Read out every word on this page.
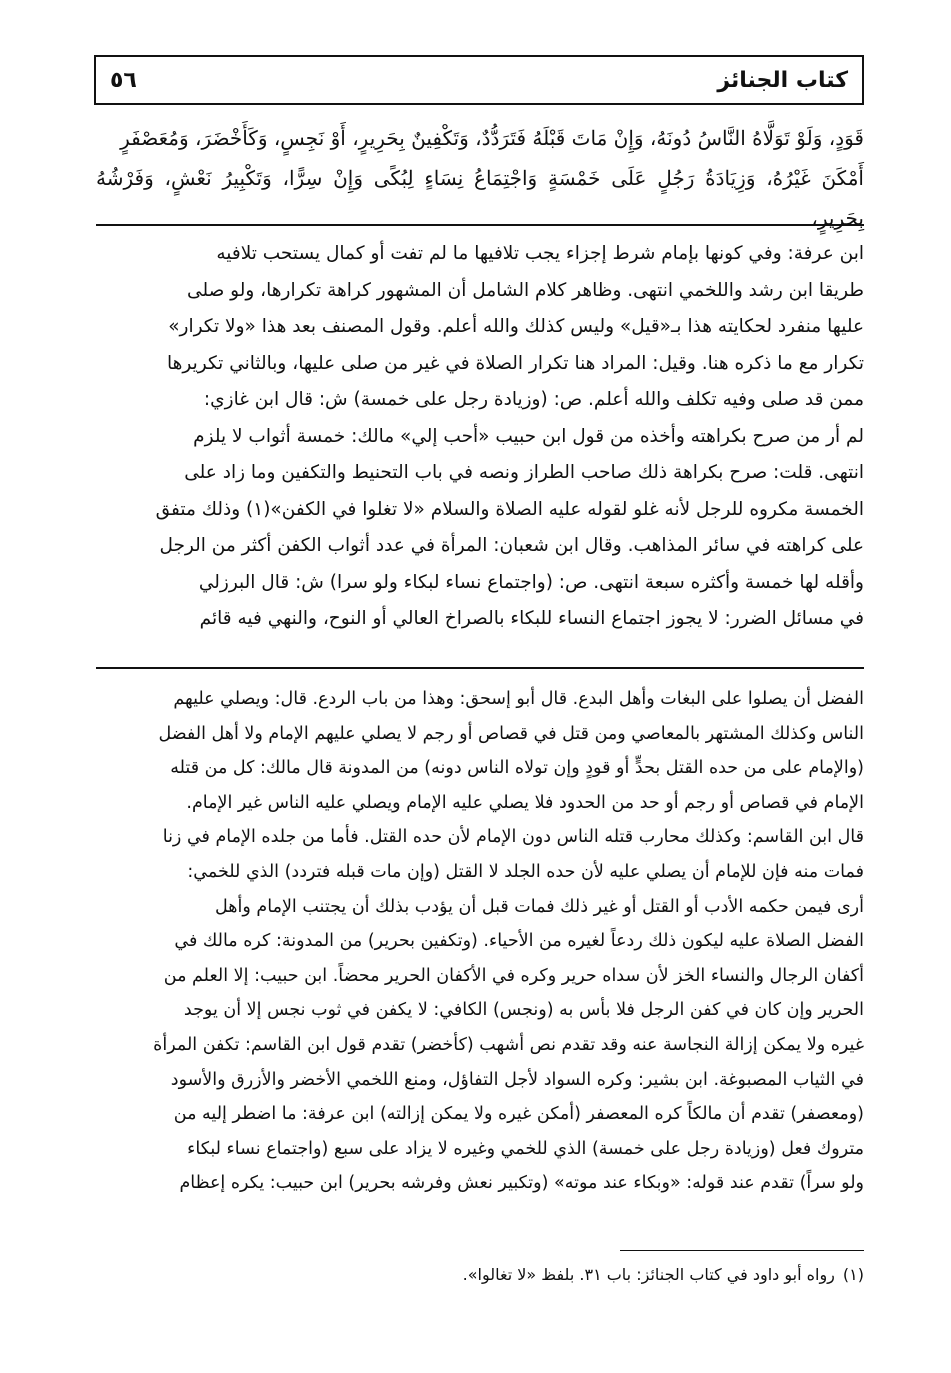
٥٦	كتاب الجنائز

قَوَدٍ، وَلَوْ تَوَلَّاهُ النَّاسُ دُونَهُ، وَإِنْ مَاتَ قَبْلَهُ فَتَرَدُّدٌ، وَتَكْفِينٌ بِحَرِيرٍ، أَوْ نَجِسٍ، وَكَأَخْضَرَ، وَمُعَصْفَرٍ

أَمْكَنَ غَيْرُهُ، وَزِيَادَةُ رَجُلٍ عَلَى خَمْسَةٍ وَاجْتِمَاعُ نِسَاءٍ لِبُكًى وَإِنْ سِرًّا، وَتَكْبِيرُ نَعْشٍ، وَفَرْشُهُ بِحَرِيرٍ،

ابن عرفة: وفي كونها بإمام شرط إجزاء يجب تلافيها ما لم تفت أو كمال يستحب تلافيه

طريقا ابن رشد واللخمي انتهى. وظاهر كلام الشامل أن المشهور كراهة تكرارها، ولو صلى

عليها منفرد لحكايته هذا بـ«قيل» وليس كذلك والله أعلم. وقول المصنف بعد هذا «ولا تكرار»

تكرار مع ما ذكره هنا. وقيل: المراد هنا تكرار الصلاة في غير من صلى عليها، وبالثاني تكريرها

ممن قد صلى وفيه تكلف والله أعلم. ص: (وزيادة رجل على خمسة) ش: قال ابن غازي:

لم أر من صرح بكراهته وأخذه من قول ابن حبيب «أحب إلي» مالك: خمسة أثواب لا يلزم

انتهى. قلت: صرح بكراهة ذلك صاحب الطراز ونصه في باب التحنيط والتكفين وما زاد على

الخمسة مكروه للرجل لأنه غلو لقوله عليه الصلاة والسلام «لا تغلوا في الكفن»(١) وذلك متفق

على كراهته في سائر المذاهب. وقال ابن شعبان: المرأة في عدد أثواب الكفن أكثر من الرجل

وأقله لها خمسة وأكثره سبعة انتهى. ص: (واجتماع نساء لبكاء ولو سرا) ش: قال البرزلي

في مسائل الضرر: لا يجوز اجتماع النساء للبكاء بالصراخ العالي أو النوح، والنهي فيه قائم

الفضل أن يصلوا على البغات وأهل البدع. قال أبو إسحق: وهذا من باب الردع. قال: ويصلي عليهم

الناس وكذلك المشتهر بالمعاصي ومن قتل في قصاص أو رجم لا يصلي عليهم الإمام ولا أهل الفضل

(والإمام على من حده القتل بحدٍّ أو قودٍ وإن تولاه الناس دونه) من المدونة قال مالك: كل من قتله

الإمام في قصاص أو رجم أو حد من الحدود فلا يصلي عليه الإمام ويصلي عليه الناس غير الإمام.

قال ابن القاسم: وكذلك محارب قتله الناس دون الإمام لأن حده القتل. فأما من جلده الإمام في زنا

فمات منه فإن للإمام أن يصلي عليه لأن حده الجلد لا القتل (وإن مات قبله فتردد) الذي للخمي:

أرى فيمن حكمه الأدب أو القتل أو غير ذلك فمات قبل أن يؤدب بذلك أن يجتنب الإمام وأهل

الفضل الصلاة عليه ليكون ذلك ردعاً لغيره من الأحياء. (وتكفين بحرير) من المدونة: كره مالك في

أكفان الرجال والنساء الخز لأن سداه حرير وكره في الأكفان الحرير محضاً. ابن حبيب: إلا العلم من

الحرير وإن كان في كفن الرجل فلا بأس به (ونجس) الكافي: لا يكفن في ثوب نجس إلا أن يوجد

غيره ولا يمكن إزالة النجاسة عنه وقد تقدم نص أشهب (كأخضر) تقدم قول ابن القاسم: تكفن المرأة

في الثياب المصبوغة. ابن بشير: وكره السواد لأجل التفاؤل، ومنع اللخمي الأخضر والأزرق والأسود

(ومعصفر) تقدم أن مالكاً كره المعصفر (أمكن غيره ولا يمكن إزالته) ابن عرفة: ما اضطر إليه من

متروك فعل (وزيادة رجل على خمسة) الذي للخمي وغيره لا يزاد على سبع (واجتماع نساء لبكاء

ولو سراً) تقدم عند قوله: «وبكاء عند موته» (وتكبير نعش وفرشه بحرير) ابن حبيب: يكره إعظام

(١)رواه أبو داود في كتاب الجنائز: باب ٣١. بلفظ «لا تغالوا».
